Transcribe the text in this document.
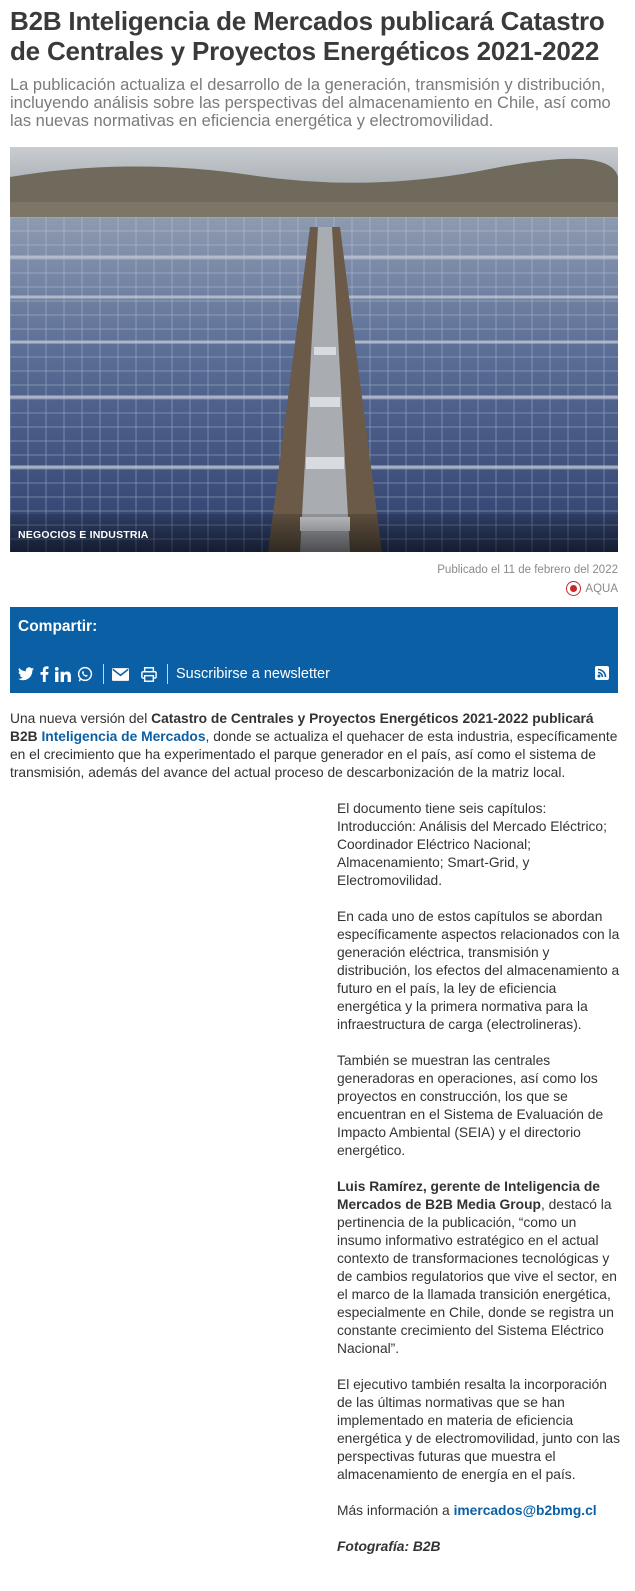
B2B Inteligencia de Mercados publicará Catastro de Centrales y Proyectos Energéticos 2021-2022

La publicación actualiza el desarrollo de la generación, transmisión y distribución, incluyendo análisis sobre las perspectivas del almacenamiento en Chile, así como las nuevas normativas en eficiencia energética y electromovilidad.

NEGOCIOS E INDUSTRIA
Publicado el 11 de febrero del 2022
AQUA
Compartir:
Suscribirse a newsletter

Una nueva versión del Catastro de Centrales y Proyectos Energéticos 2021-2022 publicará B2B Inteligencia de Mercados, donde se actualiza el quehacer de esta industria, específicamente en el crecimiento que ha experimentado el parque generador en el país, así como el sistema de transmisión, además del avance del actual proceso de descarbonización de la matriz local.

El documento tiene seis capítulos: Introducción: Análisis del Mercado Eléctrico; Coordinador Eléctrico Nacional; Almacenamiento; Smart-Grid, y Electromovilidad.

En cada uno de estos capítulos se abordan específicamente aspectos relacionados con la generación eléctrica, transmisión y distribución, los efectos del almacenamiento a futuro en el país, la ley de eficiencia energética y la primera normativa para la infraestructura de carga (electrolineras).

También se muestran las centrales generadoras en operaciones, así como los proyectos en construcción, los que se encuentran en el Sistema de Evaluación de Impacto Ambiental (SEIA) y el directorio energético.

Luis Ramírez, gerente de Inteligencia de Mercados de B2B Media Group, destacó la pertinencia de la publicación, “como un insumo informativo estratégico en el actual contexto de transformaciones tecnológicas y de cambios regulatorios que vive el sector, en el marco de la llamada transición energética, especialmente en Chile, donde se registra un constante crecimiento del Sistema Eléctrico Nacional”.

El ejecutivo también resalta la incorporación de las últimas normativas que se han implementado en materia de eficiencia energética y de electromovilidad, junto con las perspectivas futuras que muestra el almacenamiento de energía en el país.

Más información a imercados@b2bmg.cl

Fotografía: B2B
